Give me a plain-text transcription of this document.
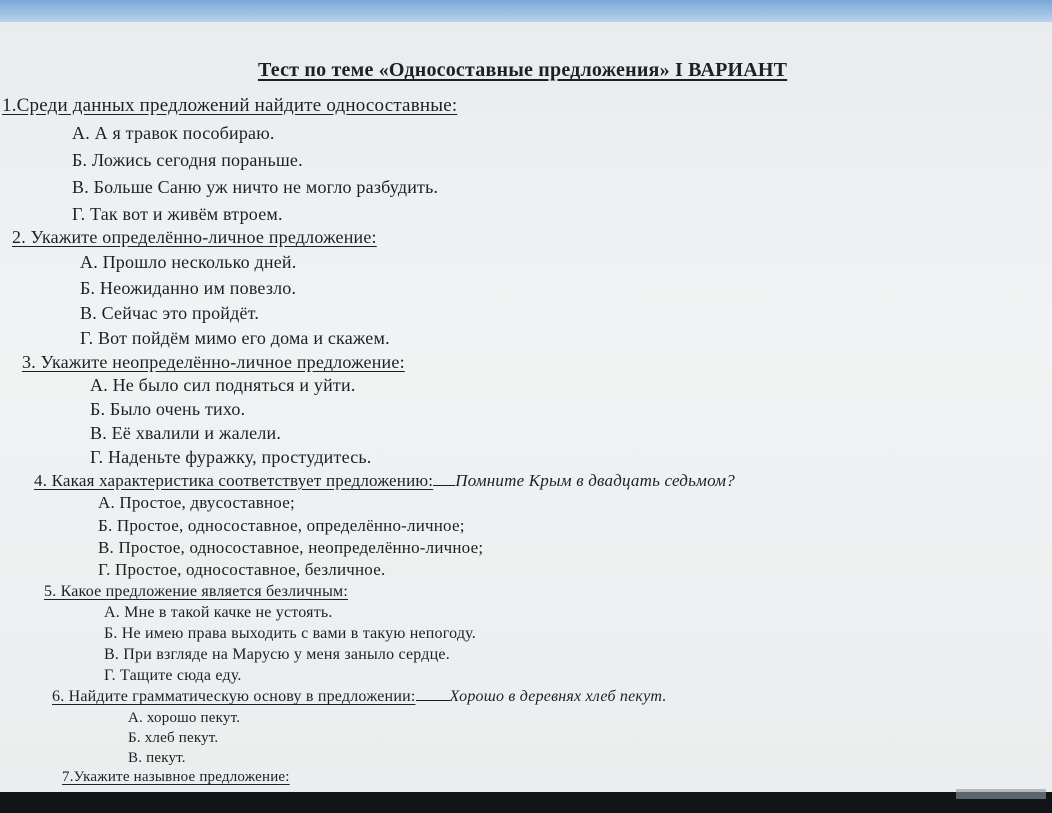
Тест по теме «Односоставные предложения» I ВАРИАНТ
1.Среди данных предложений найдите односоставные:
А. А я травок пособираю.
Б. Ложись сегодня пораньше.
В. Больше Саню уж ничто не могло разбудить.
Г. Так вот и живём втроем.
2. Укажите определённо-личное предложение:
А. Прошло несколько дней.
Б. Неожиданно им повезло.
В. Сейчас это пройдёт.
Г. Вот пойдём мимо его дома и скажем.
3. Укажите неопределённо-личное предложение:
А. Не было сил подняться и уйти.
Б. Было очень тихо.
В. Её хвалили и жалели.
Г. Наденьте фуражку, простудитесь.
4. Какая характеристика соответствует предложению: Помните Крым в двадцать седьмом?
А. Простое, двусоставное;
Б. Простое, односоставное, определённо-личное;
В. Простое, односоставное, неопределённо-личное;
Г. Простое, односоставное, безличное.
5. Какое предложение является безличным:
А. Мне в такой качке не устоять.
Б. Не имею права выходить с вами в такую непогоду.
В. При взгляде на Марусю у меня заныло сердце.
Г. Тащите сюда еду.
6. Найдите грамматическую основу в предложении: Хорошо в деревнях хлеб пекут.
А. хорошо пекут.
Б. хлеб пекут.
В. пекут.
7.Укажите назывное предложение:
